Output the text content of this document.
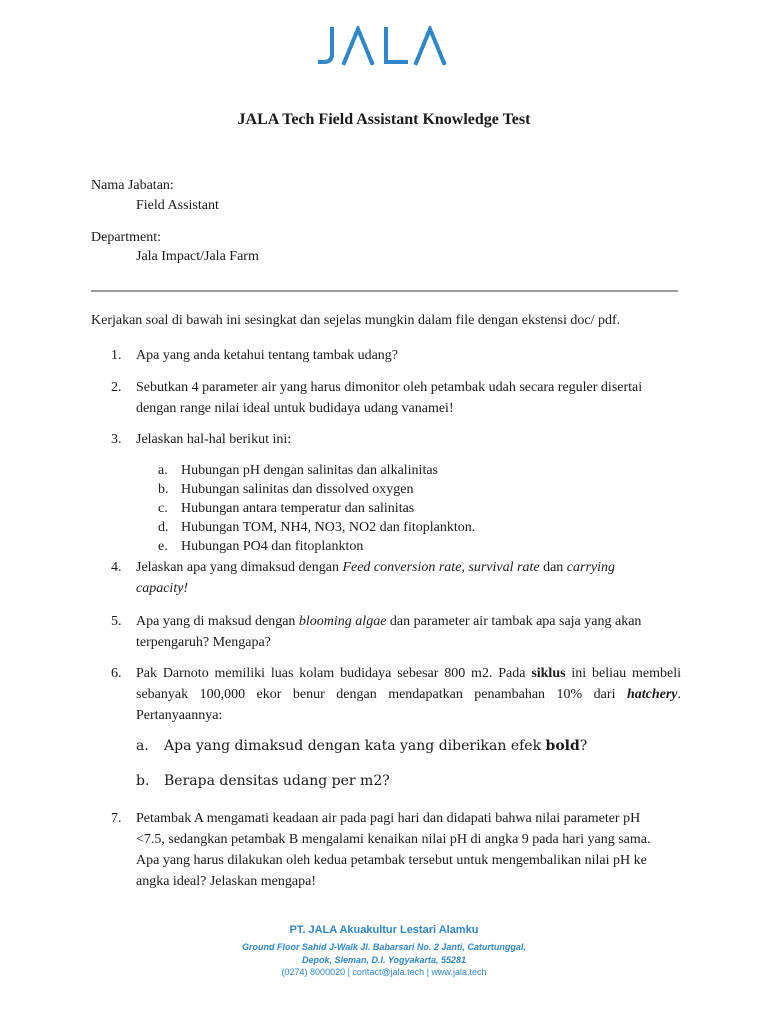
JALA Tech Field Assistant Knowledge Test
Nama Jabatan:
Field Assistant
Department:
Jala Impact/Jala Farm
Kerjakan soal di bawah ini sesingkat dan sejelas mungkin dalam file dengan ekstensi doc/ pdf.
1. Apa yang anda ketahui tentang tambak udang?
2. Sebutkan 4 parameter air yang harus dimonitor oleh petambak udah secara reguler disertai
dengan range nilai ideal untuk budidaya udang vanamei!
3. Jelaskan hal-hal berikut ini:
a. Hubungan pH dengan salinitas dan alkalinitas
b. Hubungan salinitas dan dissolved oxygen
c. Hubungan antara temperatur dan salinitas
d. Hubungan TOM, NH4, NO3, NO2 dan fitoplankton.
e. Hubungan PO4 dan fitoplankton
4. Jelaskan apa yang dimaksud dengan Feed conversion rate, survival rate dan carrying
capacity!
5. Apa yang di maksud dengan blooming algae dan parameter air tambak apa saja yang akan
terpengaruh? Mengapa?
6. Pak Darnoto memiliki luas kolam budidaya sebesar 800 m2. Pada siklus ini beliau membeli
sebanyak 100,000 ekor benur dengan mendapatkan penambahan 10% dari hatchery.
Pertanyaannya:
a. Apa yang dimaksud dengan kata yang diberikan efek bold?
b. Berapa densitas udang per m2?
7. Petambak A mengamati keadaan air pada pagi hari dan didapati bahwa nilai parameter pH
<7.5, sedangkan petambak B mengalami kenaikan nilai pH di angka 9 pada hari yang sama.
Apa yang harus dilakukan oleh kedua petambak tersebut untuk mengembalikan nilai pH ke
angka ideal? Jelaskan mengapa!
PT. JALA Akuakultur Lestari Alamku
Ground Floor Sahid J-Walk Jl. Babarsari No. 2 Janti, Caturtunggal,
Depok, Sleman, D.I. Yogyakarta, 55281
(0274) 8000020 | contact@jala.tech | www.jala.tech
